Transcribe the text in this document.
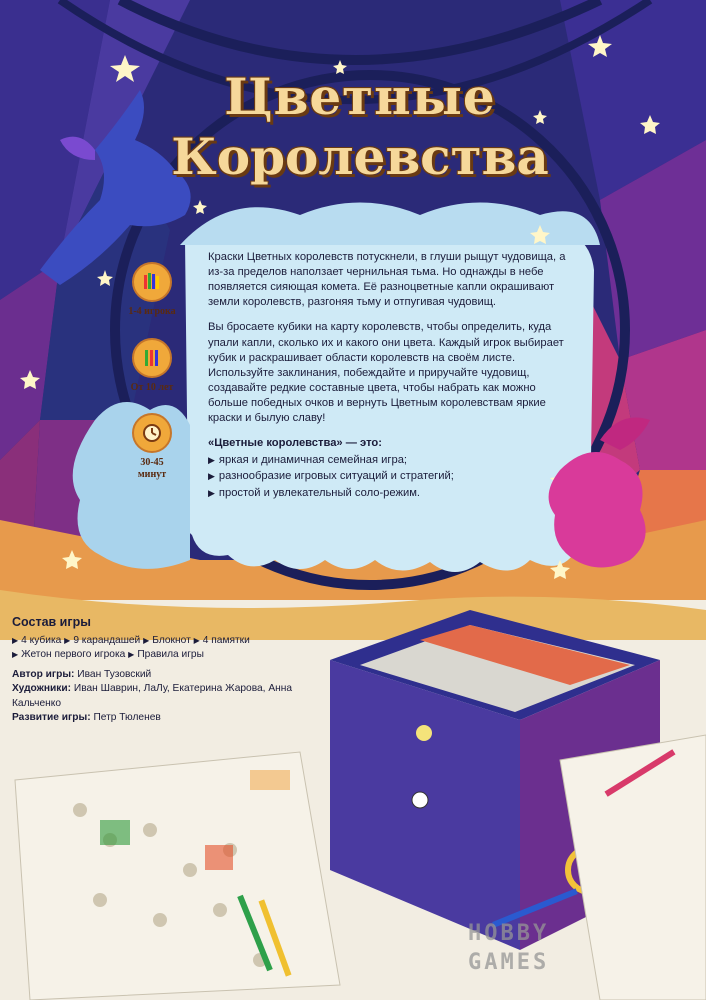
Цветные
Королевства
1-4 игрока
От 10 лет
30-45 минут

Краски Цветных королевств потускнели, в глуши рыщут чудовища, а из-за пределов наползает чернильная тьма. Но однажды в небе появляется сияющая комета. Её разноцветные капли окрашивают земли королевств, разгоняя тьму и отпугивая чудовищ.

Вы бросаете кубики на карту королевств, чтобы определить, куда упали капли, сколько их и какого они цвета. Каждый игрок выбирает кубик и раскрашивает области королевств на своём листе. Используйте заклинания, побеждайте и приручайте чудовищ, создавайте редкие составные цвета, чтобы набрать как можно больше победных очков и вернуть Цветным королевствам яркие краски и былую славу!

«Цветные королевства» — это:

▶ яркая и динамичная семейная игра;
▶ разнообразие игровых ситуаций и стратегий;
▶ простой и увлекательный соло-режим.
Состав игры
▶ 4 кубика ▶ 9 карандашей ▶ Блокнот ▶ 4 памятки
▶ Жетон первого игрока ▶ Правила игры
Автор игры: Иван Тузовский
Художники: Иван Шаврин, ЛаЛу, Екатерина Жарова, Анна Кальченко
Развитие игры: Петр Тюленев
HOBBY
GAMES
